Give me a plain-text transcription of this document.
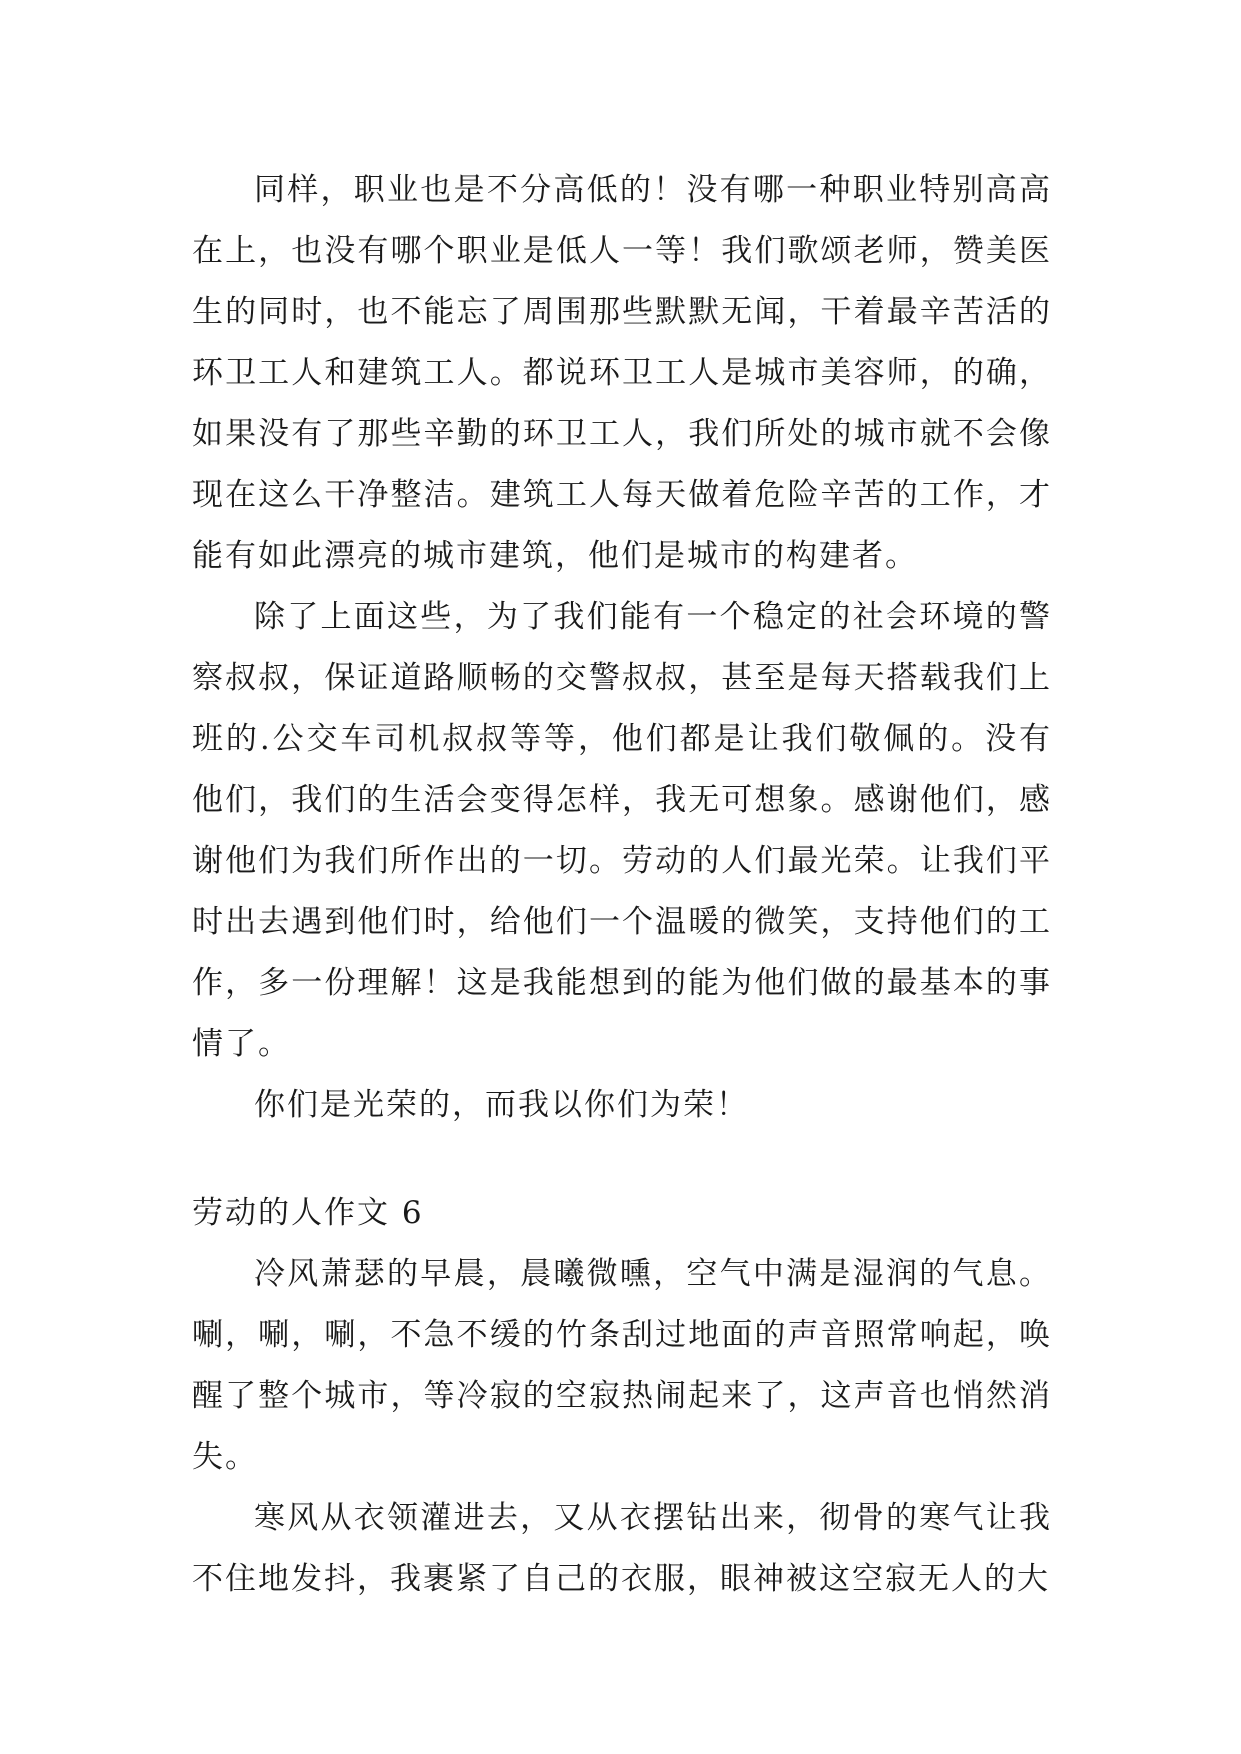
同样，职业也是不分高低的！没有哪一种职业特别高高在上，也没有哪个职业是低人一等！我们歌颂老师，赞美医生的同时，也不能忘了周围那些默默无闻，干着最辛苦活的环卫工人和建筑工人。都说环卫工人是城市美容师，的确，如果没有了那些辛勤的环卫工人，我们所处的城市就不会像现在这么干净整洁。建筑工人每天做着危险辛苦的工作，才能有如此漂亮的城市建筑，他们是城市的构建者。

除了上面这些，为了我们能有一个稳定的社会环境的警察叔叔，保证道路顺畅的交警叔叔，甚至是每天搭载我们上班的.公交车司机叔叔等等，他们都是让我们敬佩的。没有他们，我们的生活会变得怎样，我无可想象。感谢他们，感谢他们为我们所作出的一切。劳动的人们最光荣。让我们平时出去遇到他们时，给他们一个温暖的微笑，支持他们的工作，多一份理解！这是我能想到的能为他们做的最基本的事情了。

你们是光荣的，而我以你们为荣！

劳动的人作文 6

冷风萧瑟的早晨，晨曦微曛，空气中满是湿润的气息。唰，唰，唰，不急不缓的竹条刮过地面的声音照常响起，唤醒了整个城市，等冷寂的空寂热闹起来了，这声音也悄然消失。

寒风从衣领灌进去，又从衣摆钻出来，彻骨的寒气让我不住地发抖，我裹紧了自己的衣服，眼神被这空寂无人的大
